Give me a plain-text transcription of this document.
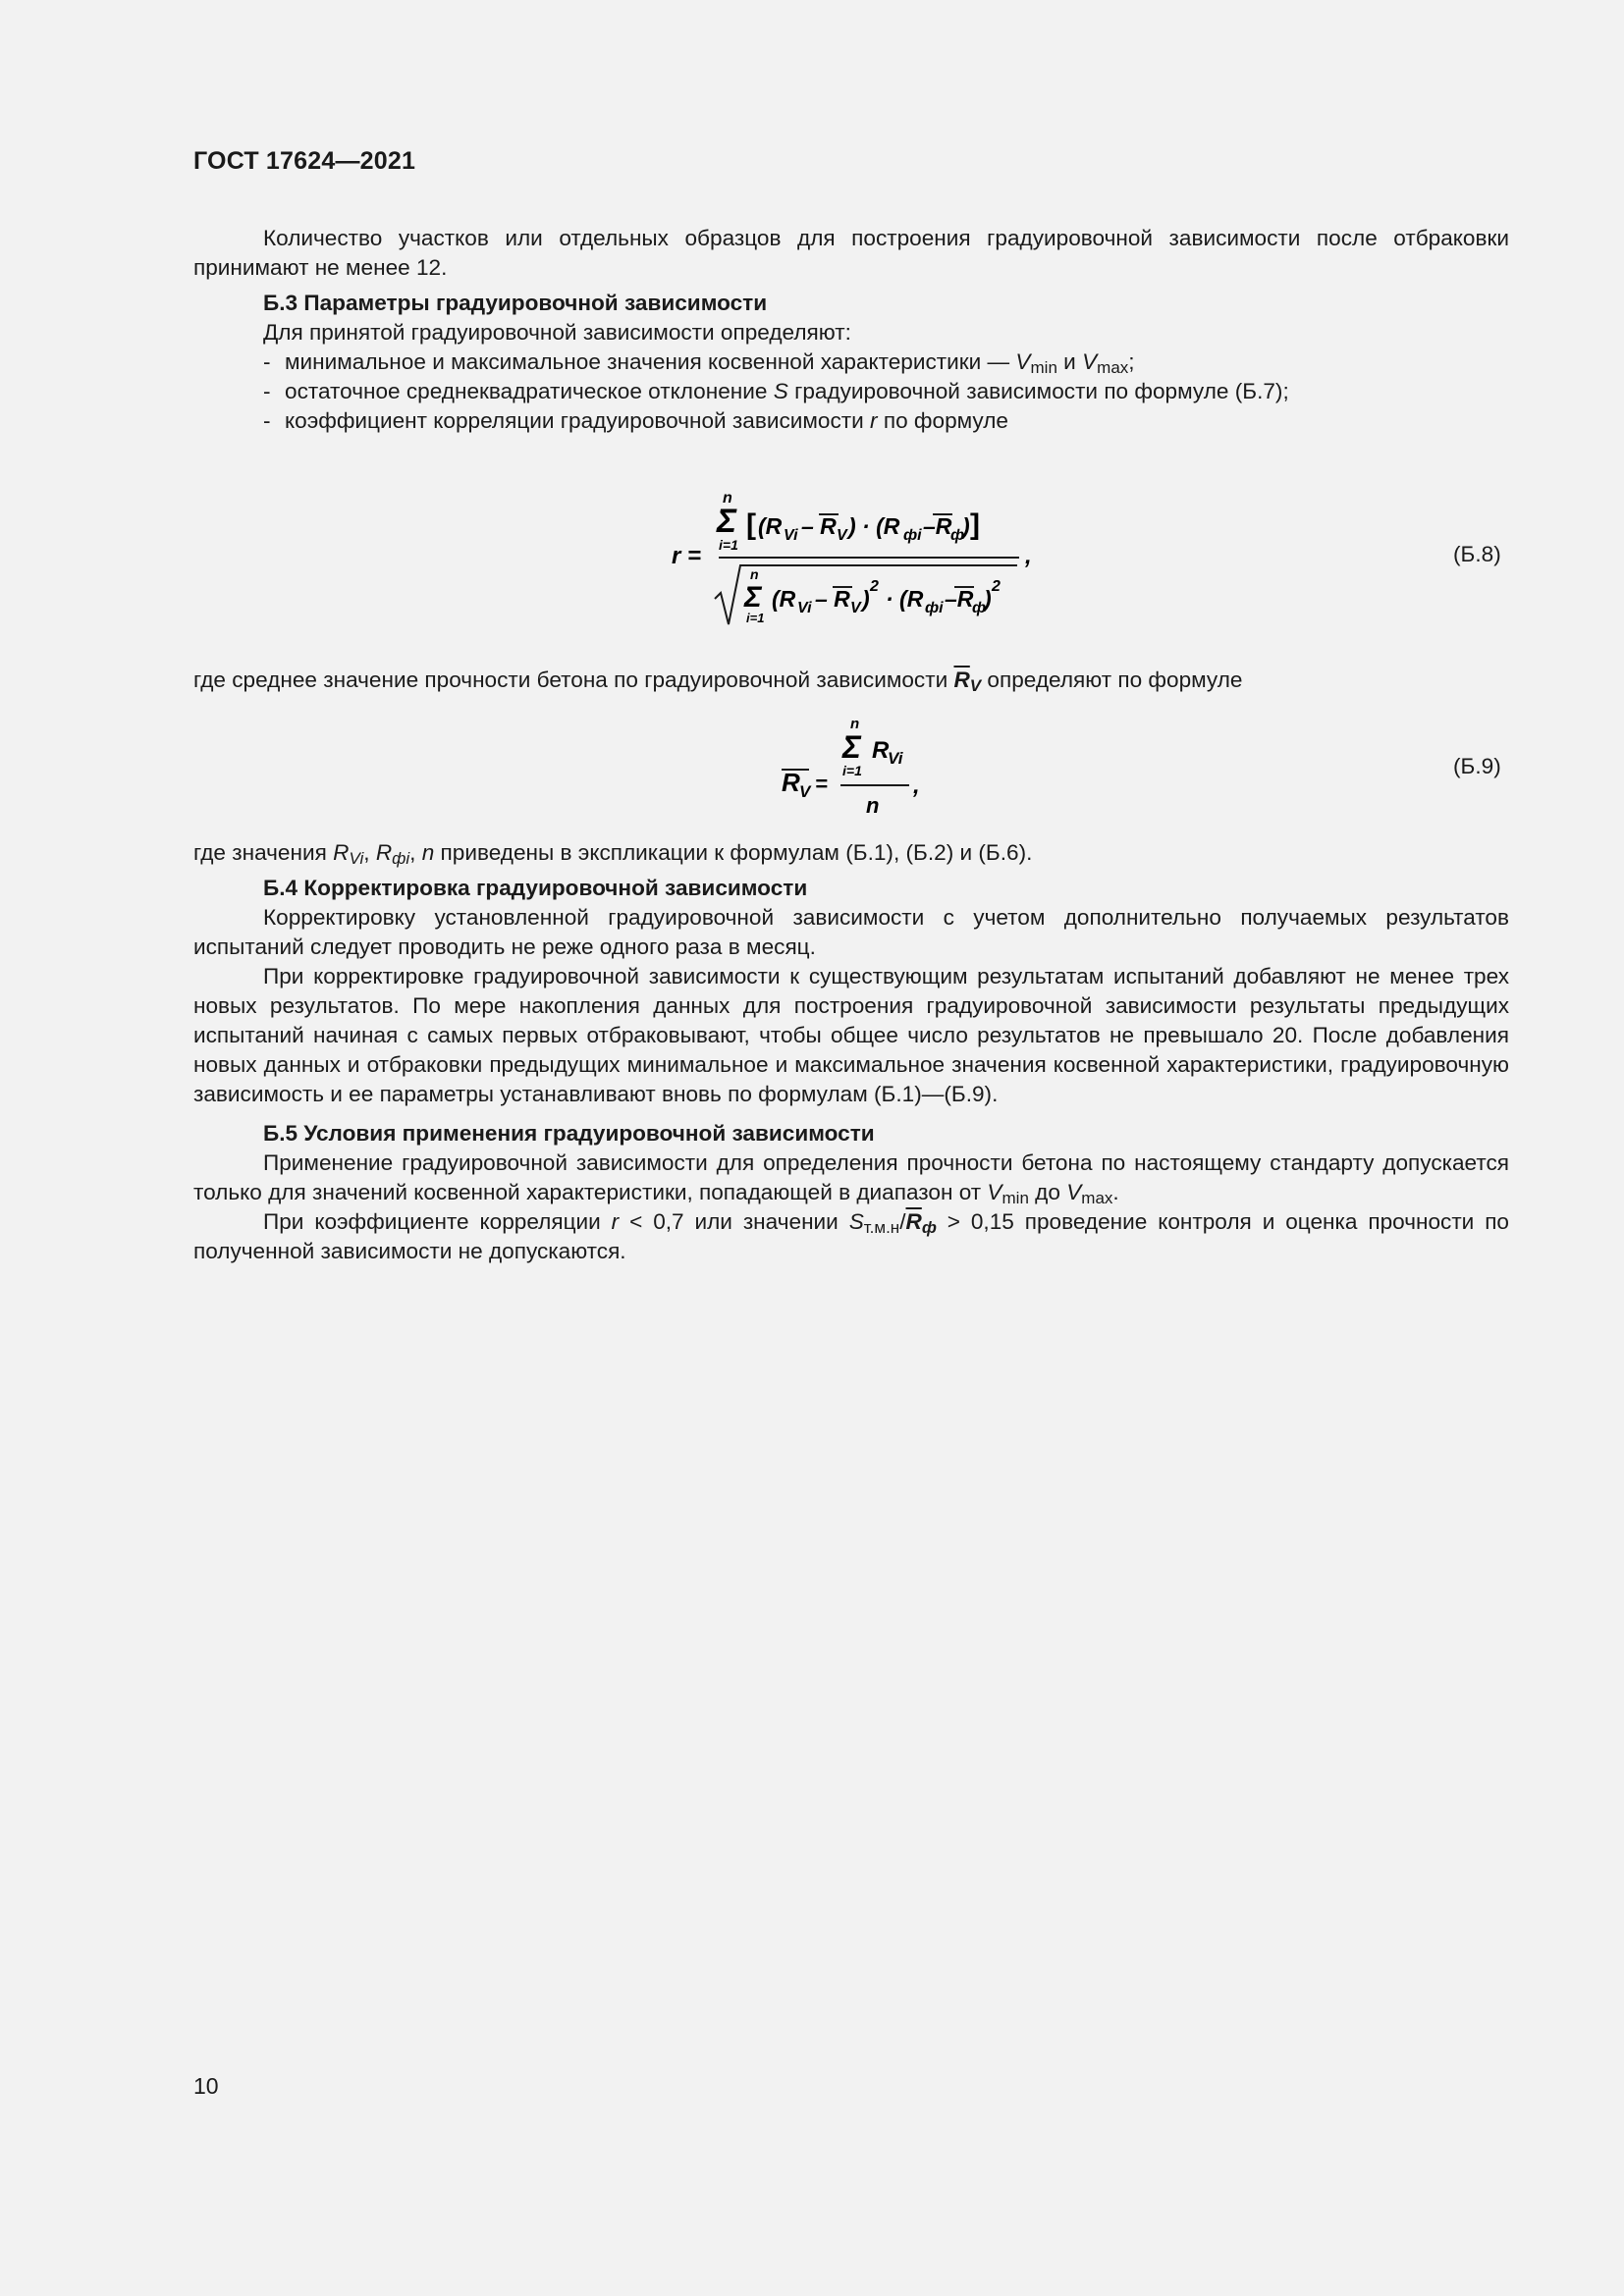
ГОСТ 17624—2021

Количество участков или отдельных образцов для построения градуировочной зависимости после отбраковки принимают не менее 12.

Б.3 Параметры градуировочной зависимости

Для принятой градуировочной зависимости определяют:

- минимальное и максимальное значения косвенной характеристики — $V_{min}$ и $V_{max}$;

- остаточное среднеквадратическое отклонение S градуировочной зависимости по формуле (Б.7);

- коэффициент корреляции градуировочной зависимости r по формуле

r =
n
Σ
i=1
[ (R Vi – R V ) · (R фi –R
ф
) ]
n
Σ
i=1
(R Vi – R V ) 2 · (R фi –R
ф
) 2
,	(Б.8)

где среднее значение прочности бетона по градуировочной зависимости $\overline{R}_V$ определяют по формуле

R V =
n
Σ
i=1
R
Vi
n
,
(Б.9)

где значения $R_{Vi}$, $R_{фi}$, n приведены в экспликации к формулам (Б.1), (Б.2) и (Б.6).

Б.4 Корректировка градуировочной зависимости

Корректировку установленной градуировочной зависимости с учетом дополнительно получаемых результатов испытаний следует проводить не реже одного раза в месяц.

При корректировке градуировочной зависимости к существующим результатам испытаний добавляют не менее трех новых результатов. По мере накопления данных для построения градуировочной зависимости результаты предыдущих испытаний начиная с самых первых отбраковывают, чтобы общее число результатов не превышало 20. После добавления новых данных и отбраковки предыдущих минимальное и максимальное значения косвенной характеристики, градуировочную зависимость и ее параметры устанавливают вновь по формулам (Б.1)—(Б.9).

Б.5 Условия применения градуировочной зависимости

Применение градуировочной зависимости для определения прочности бетона по настоящему стандарту допускается только для значений косвенной характеристики, попадающей в диапазон от $V_{min}$ до $V_{max}$.

При коэффициенте корреляции r < 0,7 или значении $S_{т.м.н}/\overline{R}_ф > 0,15$ проведение контроля и оценка прочности по полученной зависимости не допускаются.

10
